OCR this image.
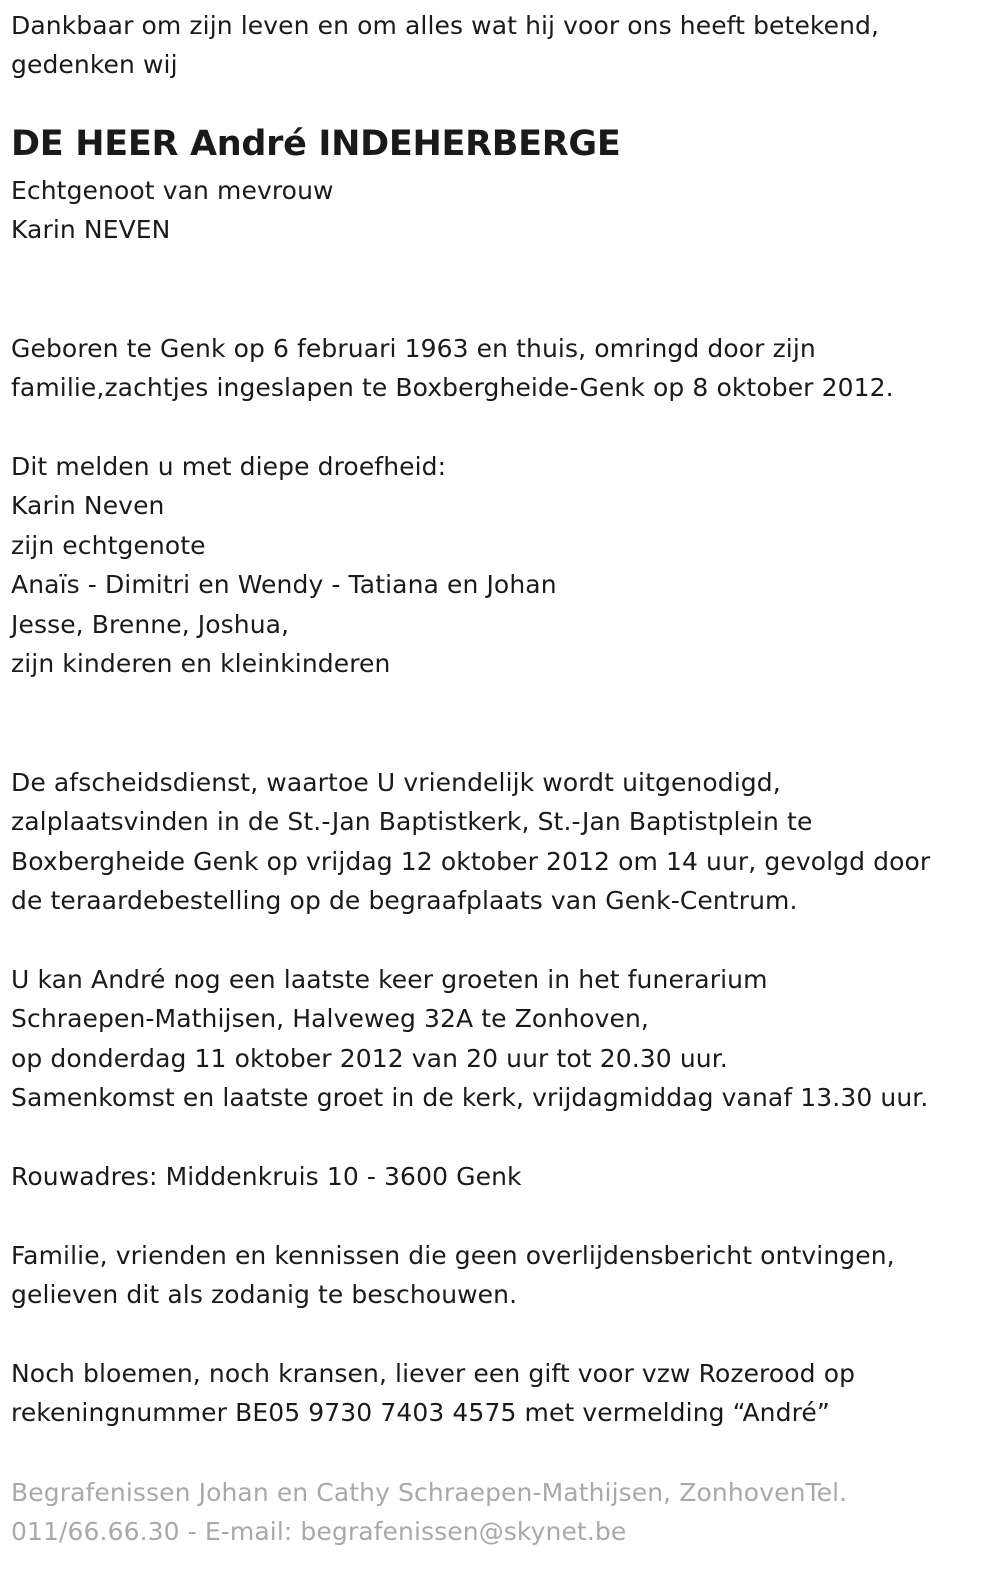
Dankbaar om zijn leven en om alles wat hij voor ons heeft betekend,
gedenken wij
DE HEER André INDEHERBERGE
Echtgenoot van mevrouw
Karin NEVEN
Geboren te Genk op 6 februari 1963 en thuis, omringd door zijn
familie,zachtjes ingeslapen te Boxbergheide-Genk op 8 oktober 2012.
Dit melden u met diepe droefheid:
Karin Neven
zijn echtgenote
Anaïs - Dimitri en Wendy - Tatiana en Johan
Jesse, Brenne, Joshua,
zijn kinderen en kleinkinderen
De afscheidsdienst, waartoe U vriendelijk wordt uitgenodigd,
zalplaatsvinden in de St.-Jan Baptistkerk, St.-Jan Baptistplein te
Boxbergheide Genk op vrijdag 12 oktober 2012 om 14 uur, gevolgd door
de teraardebestelling op de begraafplaats van Genk-Centrum.
U kan André nog een laatste keer groeten in het funerarium
Schraepen-Mathijsen, Halveweg 32A te Zonhoven,
op donderdag 11 oktober 2012 van 20 uur tot 20.30 uur.
Samenkomst en laatste groet in de kerk, vrijdagmiddag vanaf 13.30 uur.
Rouwadres: Middenkruis 10 - 3600 Genk
Familie, vrienden en kennissen die geen overlijdensbericht ontvingen,
gelieven dit als zodanig te beschouwen.
Noch bloemen, noch kransen, liever een gift voor vzw Rozerood op
rekeningnummer BE05 9730 7403 4575 met vermelding “André”
Begrafenissen Johan en Cathy Schraepen-Mathijsen, ZonhovenTel.
011/66.66.30 - E-mail: begrafenissen@skynet.be
